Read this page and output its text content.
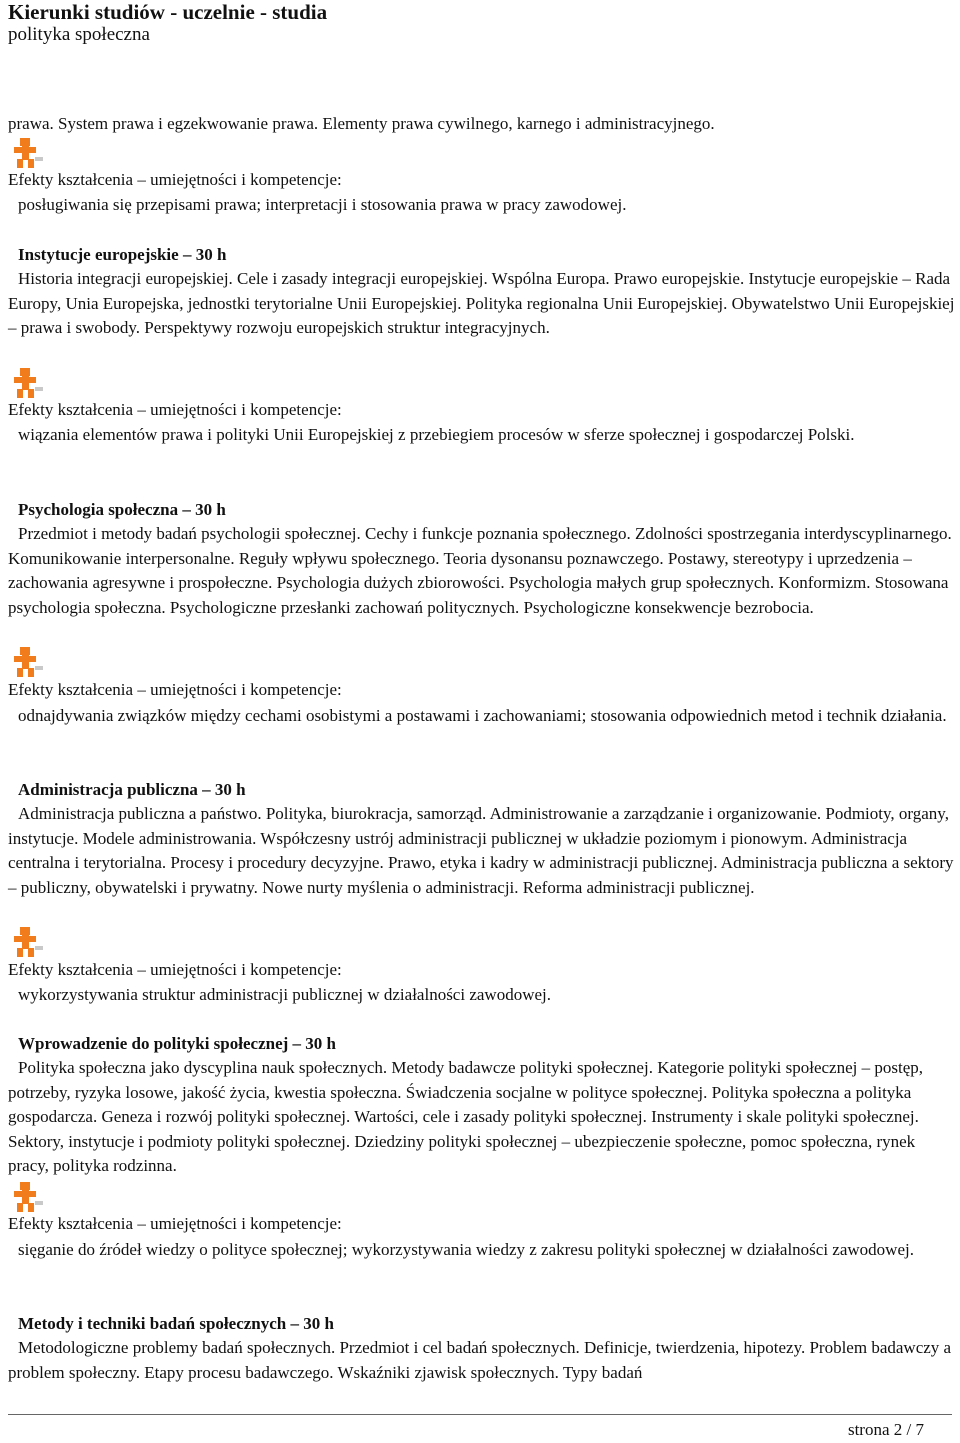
Kierunki studiów - uczelnie - studia
polityka społeczna

prawa. System prawa i egzekwowanie prawa. Elementy prawa cywilnego, karnego i administracyjnego.

Efekty kształcenia – umiejętności i kompetencje:

posługiwania się przepisami prawa; interpretacji i stosowania prawa w pracy zawodowej.

Instytucje europejskie – 30 h

Historia integracji europejskiej. Cele i zasady integracji europejskiej. Wspólna Europa. Prawo europejskie. Instytucje europejskie – Rada Europy, Unia Europejska, jednostki terytorialne Unii Europejskiej. Polityka regionalna Unii Europejskiej. Obywatelstwo Unii Europejskiej – prawa i swobody. Perspektywy rozwoju europejskich struktur integracyjnych.

Efekty kształcenia – umiejętności i kompetencje:

wiązania elementów prawa i polityki Unii Europejskiej z przebiegiem procesów w sferze społecznej i gospodarczej Polski.

Psychologia społeczna – 30 h

Przedmiot i metody badań psychologii społecznej. Cechy i funkcje poznania społecznego. Zdolności spostrzegania interdyscyplinarnego. Komunikowanie interpersonalne. Reguły wpływu społecznego. Teoria dysonansu poznawczego. Postawy, stereotypy i uprzedzenia – zachowania agresywne i prospołeczne. Psychologia dużych zbiorowości. Psychologia małych grup społecznych. Konformizm. Stosowana psychologia społeczna. Psychologiczne przesłanki zachowań politycznych. Psychologiczne konsekwencje bezrobocia.

Efekty kształcenia – umiejętności i kompetencje:

odnajdywania związków między cechami osobistymi a postawami i zachowaniami; stosowania odpowiednich metod i technik działania.

Administracja publiczna – 30 h

Administracja publiczna a państwo. Polityka, biurokracja, samorząd. Administrowanie a zarządzanie i organizowanie. Podmioty, organy, instytucje. Modele administrowania. Współczesny ustrój administracji publicznej w układzie poziomym i pionowym. Administracja centralna i terytorialna. Procesy i procedury decyzyjne. Prawo, etyka i kadry w administracji publicznej. Administracja publiczna a sektory – publiczny, obywatelski i prywatny. Nowe nurty myślenia o administracji. Reforma administracji publicznej.

Efekty kształcenia – umiejętności i kompetencje:

wykorzystywania struktur administracji publicznej w działalności zawodowej.

Wprowadzenie do polityki społecznej – 30 h

Polityka społeczna jako dyscyplina nauk społecznych. Metody badawcze polityki społecznej. Kategorie polityki społecznej – postęp, potrzeby, ryzyka losowe, jakość życia, kwestia społeczna. Świadczenia socjalne w polityce społecznej. Polityka społeczna a polityka gospodarcza. Geneza i rozwój polityki społecznej. Wartości, cele i zasady polityki społecznej. Instrumenty i skale polityki społecznej. Sektory, instytucje i podmioty polityki społecznej. Dziedziny polityki społecznej – ubezpieczenie społeczne, pomoc społeczna, rynek pracy, polityka rodzinna.

Efekty kształcenia – umiejętności i kompetencje:

sięganie do źródeł wiedzy o polityce społecznej; wykorzystywania wiedzy z zakresu polityki społecznej w działalności zawodowej.

Metody i techniki badań społecznych – 30 h

Metodologiczne problemy badań społecznych. Przedmiot i cel badań społecznych. Definicje, twierdzenia, hipotezy. Problem badawczy a problem społeczny. Etapy procesu badawczego. Wskaźniki zjawisk społecznych. Typy badań

strona 2 / 7
